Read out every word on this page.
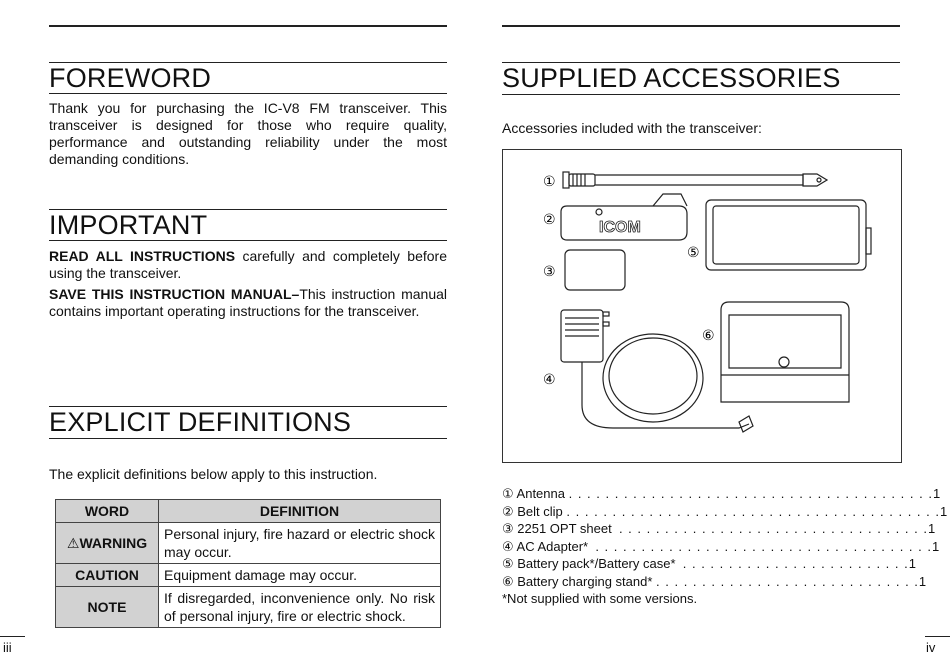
FOREWORD
Thank you for purchasing the IC-V8 FM transceiver. This transceiver is designed for those who require quality, performance and outstanding reliability under the most demanding conditions.
IMPORTANT
READ ALL INSTRUCTIONS carefully and completely before using the transceiver.
SAVE THIS INSTRUCTION MANUAL–This instruction manual contains important operating instructions for the transceiver.
EXPLICIT DEFINITIONS
The explicit definitions below apply to this instruction.
WORD	DEFINITION
⚠WARNING	Personal injury, fire hazard or electric shock may occur.
CAUTION	Equipment damage may occur.
NOTE	If disregarded, inconvenience only. No risk of personal injury, fire or electric shock.
iii
SUPPLIED ACCESSORIES
Accessories included with the transceiver:
①
②
③
④
⑤
⑥
ICOM
① Antenna . . . . . . . . . . . . . . . . . . . . . . . . . . . . . . . . . . . . . . . .1
② Belt clip . . . . . . . . . . . . . . . . . . . . . . . . . . . . . . . . . . . . . . . . .1
③ 2251 OPT sheet . . . . . . . . . . . . . . . . . . . . . . . . . . . . . . . . . .1
④ AC Adapter* . . . . . . . . . . . . . . . . . . . . . . . . . . . . . . . . . . . . .1
⑤ Battery pack*/Battery case* . . . . . . . . . . . . . . . . . . . . . . . . .1
⑥ Battery charging stand* . . . . . . . . . . . . . . . . . . . . . . . . . . . . .1
*Not supplied with some versions.
iv
